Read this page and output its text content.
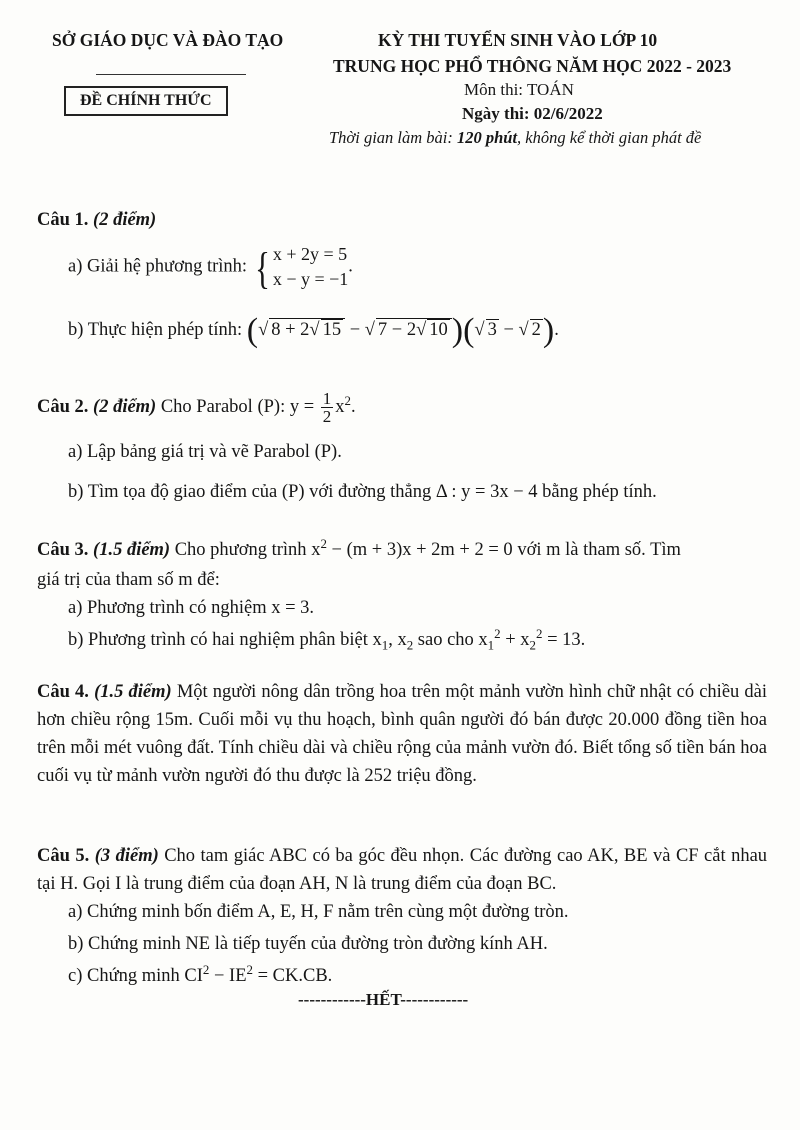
SỞ GIÁO DỤC VÀ ĐÀO TẠO
ĐỀ CHÍNH THỨC
KỲ THI TUYỂN SINH VÀO LỚP 10
TRUNG HỌC PHỔ THÔNG NĂM HỌC 2022 - 2023
Môn thi: TOÁN
Ngày thi: 02/6/2022
Thời gian làm bài: 120 phút, không kể thời gian phát đề
Câu 1. (2 điểm)
a) Giải hệ phương trình: { x + 2y = 5
x − y = −1
.
b) Thực hiện phép tính: (√ 8 + 2√ 15 − √ 7 − 2√ 10 )(√ 3 − √ 2).
Câu 2. (2 điểm) Cho Parabol (P): $y = \frac{1}{2} x^2$.
a) Lập bảng giá trị và vẽ Parabol (P).
b) Tìm tọa độ giao điểm của (P) với đường thẳng Δ : y = 3x − 4 bằng phép tính.
Câu 3. (1.5 điểm) Cho phương trình $x^2 - (m + 3)x + 2m + 2 = 0$ với m là tham số. Tìm
giá trị của tham số m để:
a) Phương trình có nghiệm x = 3.
b) Phương trình có hai nghiệm phân biệt $x_1$, $x_2$ sao cho $x_1^2 + x_2^2 = 13$.
Câu 4. (1.5 điểm) Một người nông dân trồng hoa trên một mảnh vườn hình chữ nhật có chiều dài hơn chiều rộng 15m. Cuối mỗi vụ thu hoạch, bình quân người đó bán được 20.000 đồng tiền hoa trên mỗi mét vuông đất. Tính chiều dài và chiều rộng của mảnh vườn đó. Biết tổng số tiền bán hoa cuối vụ từ mảnh vườn người đó thu được là 252 triệu đồng.
Câu 5. (3 điểm) Cho tam giác ABC có ba góc đều nhọn. Các đường cao AK, BE và CF cắt nhau tại H. Gọi I là trung điểm của đoạn AH, N là trung điểm của đoạn BC.
a) Chứng minh bốn điểm A, E, H, F nằm trên cùng một đường tròn.
b) Chứng minh NE là tiếp tuyến của đường tròn đường kính AH.
c) Chứng minh $CI^2 - IE^2 = CK.CB$.
------------HẾT------------
